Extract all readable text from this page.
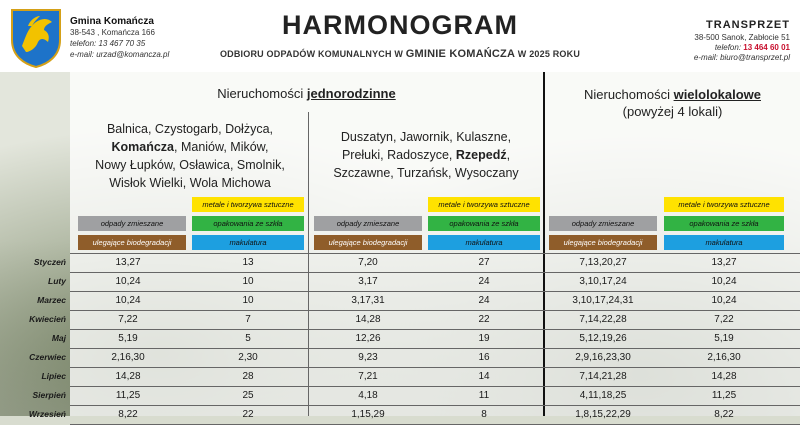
Gmina Komańcza
38-543 , Komańcza 166
telefon: 13 467 70 35
e-mail: urzad@komancza.pl
HARMONOGRAM
ODBIORU ODPADÓW KOMUNALNYCH W GMINIE KOMAŃCZA W 2025 ROKU
TRANSPRZET
38-500 Sanok, Zabłocie 51
telefon: 13 464 60 01
e-mail: biuro@transprzet.pl
Nieruchomości jednorodzinne	Nieruchomości wielolokalowe
(powyżej 4 lokali)
Balnica, Czystogarb, Dołżyca,
Komańcza, Maniów, Mików,
Nowy Łupków, Osławica, Smolnik,
Wisłok Wielki, Wola Michowa
Duszatyn, Jawornik, Kulaszne,
Prełuki, Radoszyce, Rzepedź,
Szczawne, Turzańsk, Wysoczany
metale i tworzywa sztuczne
odpady zmieszane	opakowania ze szkła
ulegające biodegradacji	makulatura
metale i tworzywa sztuczne
odpady zmieszane	opakowania ze szkła
ulegające biodegradacji	makulatura
metale i tworzywa sztuczne
odpady zmieszane	opakowania ze szkła
ulegające biodegradacji	makulatura
Styczeń	13,27	13	7,20	27	7,13,20,27	13,27
Luty	10,24	10	3,17	24	3,10,17,24	10,24
Marzec	10,24	10	3,17,31	24	3,10,17,24,31	10,24
Kwiecień	7,22	7	14,28	22	7,14,22,28	7,22
Maj	5,19	5	12,26	19	5,12,19,26	5,19
Czerwiec	2,16,30	2,30	9,23	16	2,9,16,23,30	2,16,30
Lipiec	14,28	28	7,21	14	7,14,21,28	14,28
Sierpień	11,25	25	4,18	11	4,11,18,25	11,25
Wrzesień	8,22	22	1,15,29	8	1,8,15,22,29	8,22
